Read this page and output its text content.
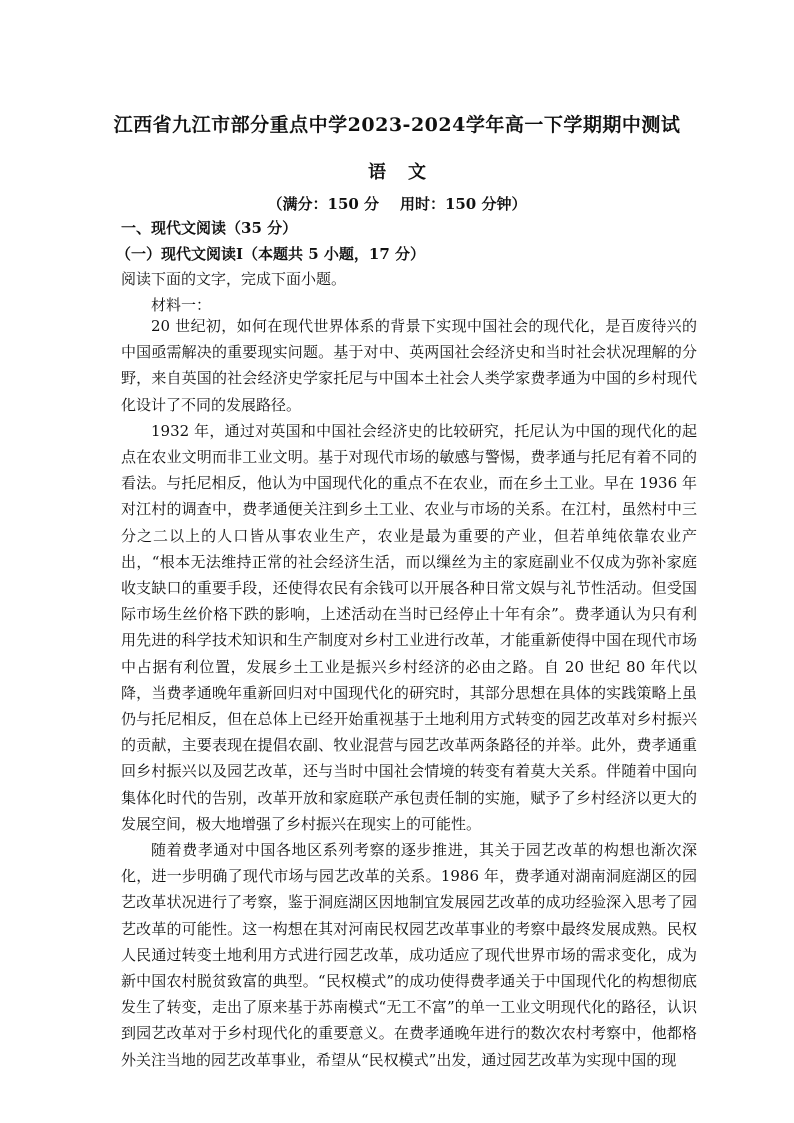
江西省九江市部分重点中学2023-2024学年高一下学期期中测试
语文
（满分：150 分    用时：150 分钟）
一、现代文阅读（35 分）
（一）现代文阅读Ⅰ（本题共 5 小题，17 分）
阅读下面的文字，完成下面小题。
材料一：

20 世纪初，如何在现代世界体系的背景下实现中国社会的现代化，是百废待兴的中国亟需解决的重要现实问题。基于对中、英两国社会经济史和当时社会状况理解的分野，来自英国的社会经济史学家托尼与中国本土社会人类学家费孝通为中国的乡村现代化设计了不同的发展路径。

1932 年，通过对英国和中国社会经济史的比较研究，托尼认为中国的现代化的起点在农业文明而非工业文明。基于对现代市场的敏感与警惕，费孝通与托尼有着不同的看法。与托尼相反，他认为中国现代化的重点不在农业，而在乡土工业。早在 1936 年对江村的调查中，费孝通便关注到乡土工业、农业与市场的关系。在江村，虽然村中三分之二以上的人口皆从事农业生产，农业是最为重要的产业，但若单纯依靠农业产出，“根本无法维持正常的社会经济生活，而以缫丝为主的家庭副业不仅成为弥补家庭收支缺口的重要手段，还使得农民有余钱可以开展各种日常文娱与礼节性活动。但受国际市场生丝价格下跌的影响，上述活动在当时已经停止十年有余”。费孝通认为只有利用先进的科学技术知识和生产制度对乡村工业进行改革，才能重新使得中国在现代市场中占据有利位置，发展乡土工业是振兴乡村经济的必由之路。自 20 世纪 80 年代以降，当费孝通晚年重新回归对中国现代化的研究时，其部分思想在具体的实践策略上虽仍与托尼相反，但在总体上已经开始重视基于土地利用方式转变的园艺改革对乡村振兴的贡献，主要表现在提倡农副、牧业混营与园艺改革两条路径的并举。此外，费孝通重回乡村振兴以及园艺改革，还与当时中国社会情境的转变有着莫大关系。伴随着中国向集体化时代的告别，改革开放和家庭联产承包责任制的实施，赋予了乡村经济以更大的发展空间，极大地增强了乡村振兴在现实上的可能性。

随着费孝通对中国各地区系列考察的逐步推进，其关于园艺改革的构想也渐次深化，进一步明确了现代市场与园艺改革的关系。1986 年，费孝通对湖南洞庭湖区的园艺改革状况进行了考察，鉴于洞庭湖区因地制宜发展园艺改革的成功经验深入思考了园艺改革的可能性。这一构想在其对河南民权园艺改革事业的考察中最终发展成熟。民权人民通过转变土地利用方式进行园艺改革，成功适应了现代世界市场的需求变化，成为新中国农村脱贫致富的典型。“民权模式”的成功使得费孝通关于中国现代化的构想彻底发生了转变，走出了原来基于苏南模式“无工不富”的单一工业文明现代化的路径，认识到园艺改革对于乡村现代化的重要意义。在费孝通晚年进行的数次农村考察中，他都格外关注当地的园艺改革事业，希望从“民权模式”出发，通过园艺改革为实现中国的现
